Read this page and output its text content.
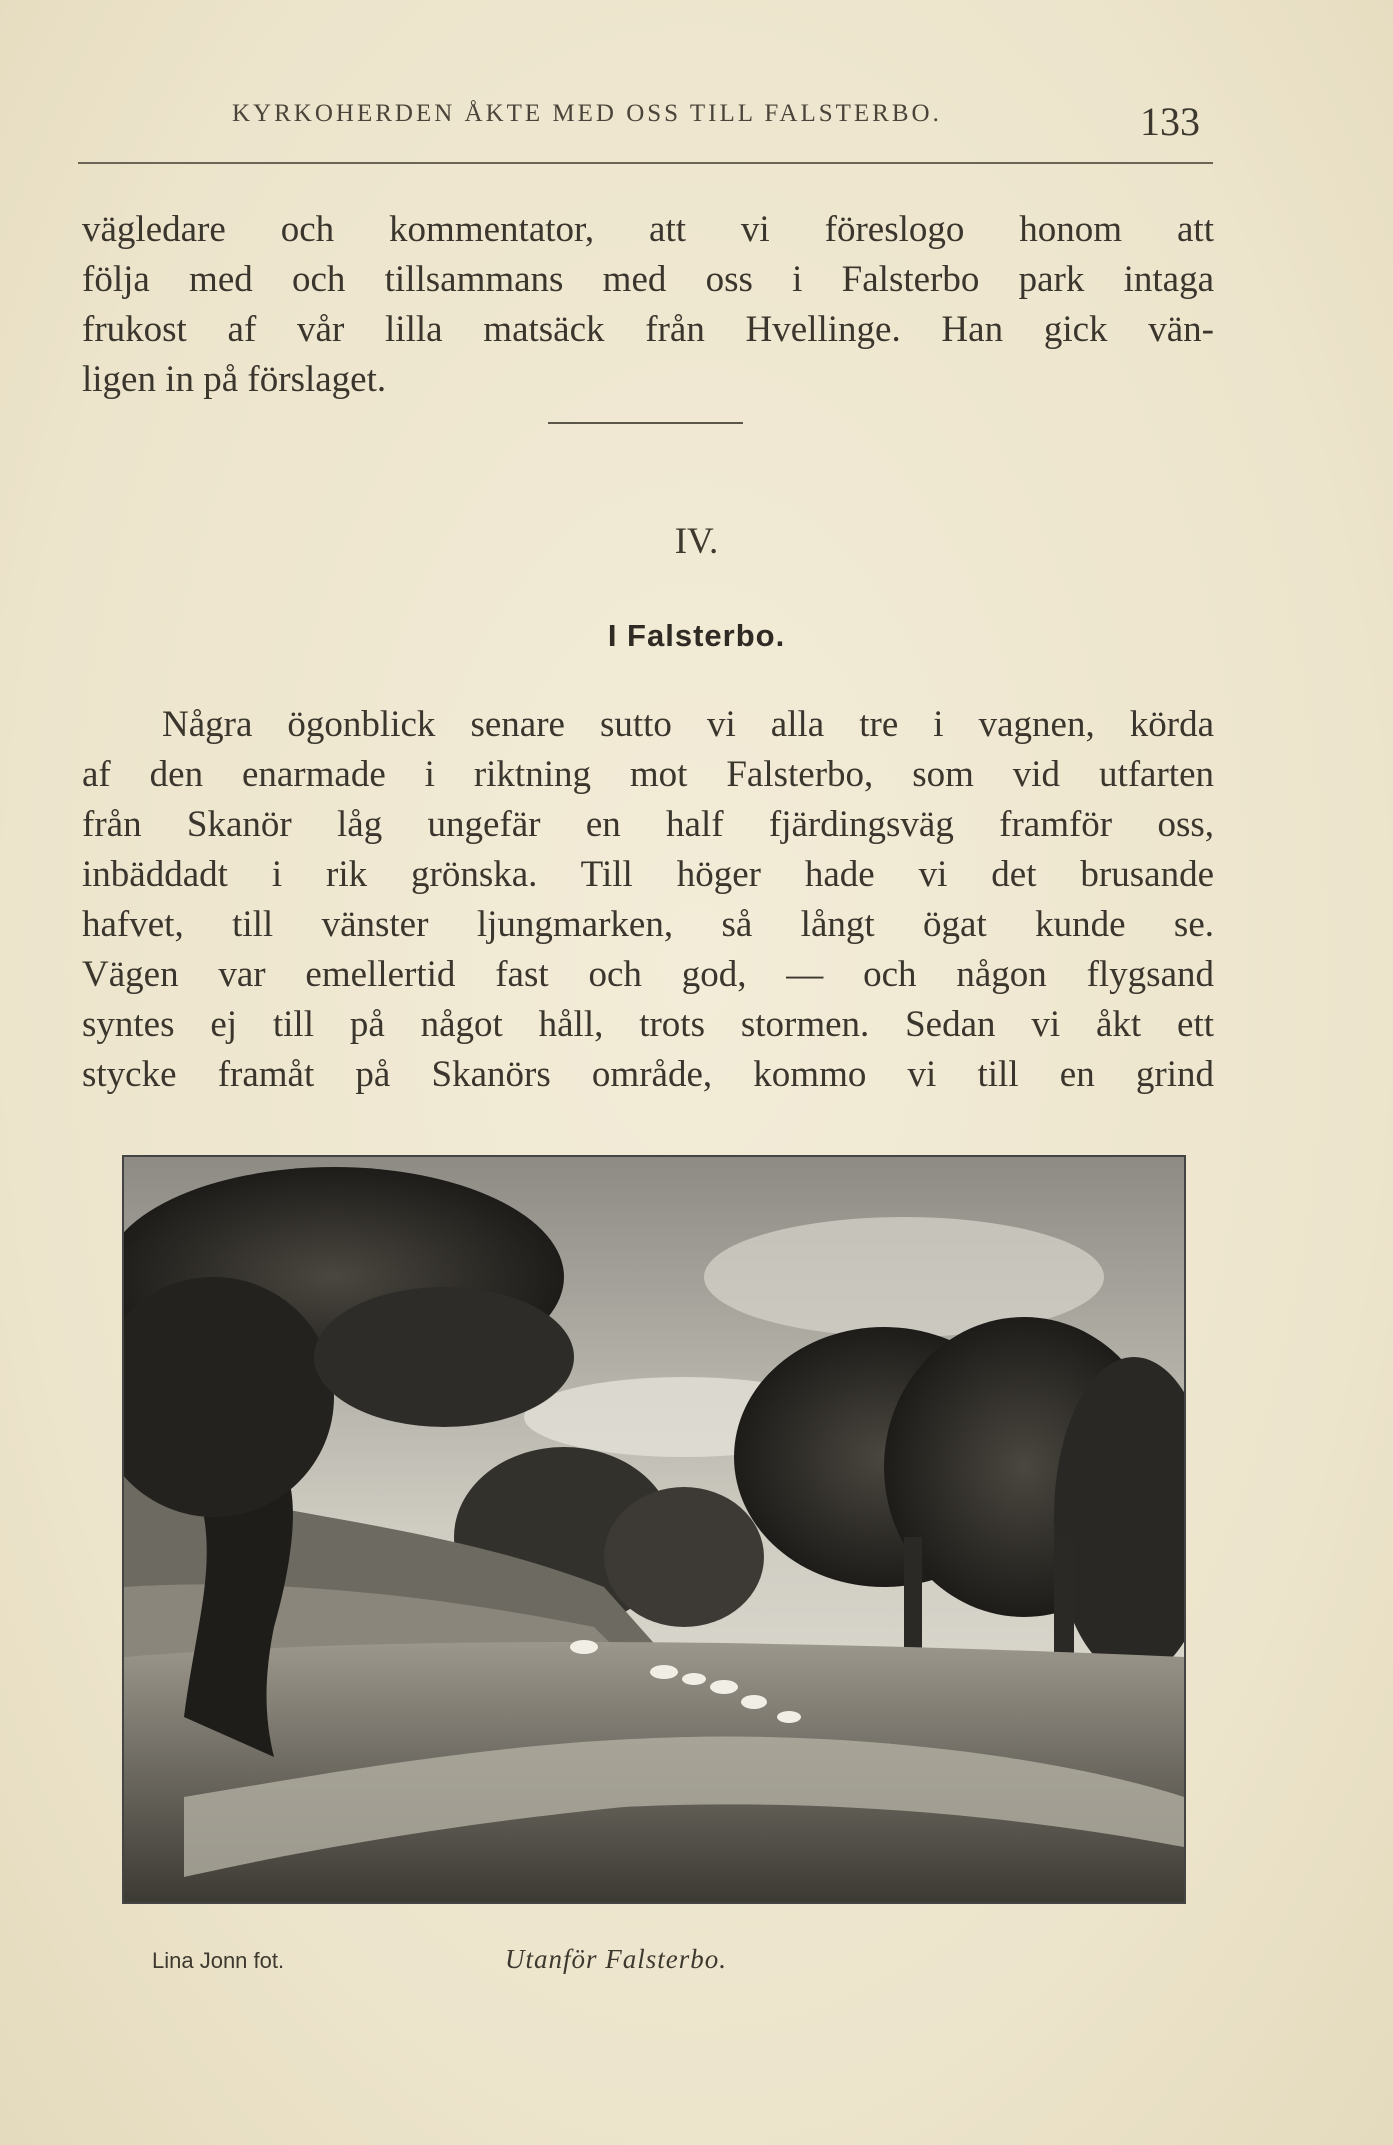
KYRKOHERDEN ÅKTE MED OSS TILL FALSTERBO.	133
vägledare och kommentator, att vi föreslogo honom att
följa med och tillsammans med oss i Falsterbo park intaga
frukost af vår lilla matsäck från Hvellinge. Han gick vän-
ligen in på förslaget.
IV.
I Falsterbo.
Några ögonblick senare sutto vi alla tre i vagnen, körda
af den enarmade i riktning mot Falsterbo, som vid utfarten
från Skanör låg ungefär en half fjärdingsväg framför oss,
inbäddadt i rik grönska. Till höger hade vi det brusande
hafvet, till vänster ljungmarken, så långt ögat kunde se.
Vägen var emellertid fast och god, — och någon flygsand
syntes ej till på något håll, trots stormen. Sedan vi åkt ett
stycke framåt på Skanörs område, kommo vi till en grind
Lina Jonn fot.	Utanför Falsterbo.
